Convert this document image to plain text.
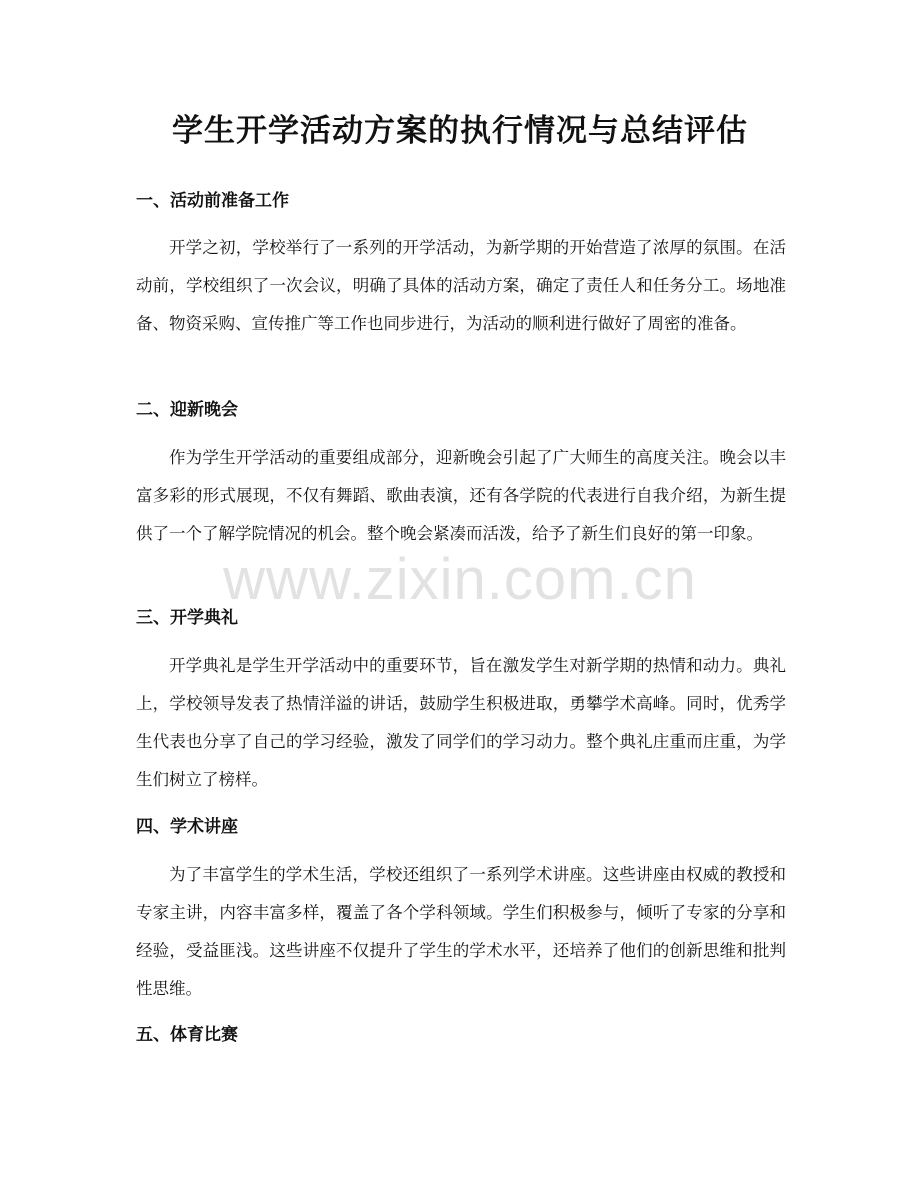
学生开学活动方案的执行情况与总结评估
一、活动前准备工作

开学之初，学校举行了一系列的开学活动，为新学期的开始营造了浓厚的氛围。在活动前，学校组织了一次会议，明确了具体的活动方案，确定了责任人和任务分工。场地准备、物资采购、宣传推广等工作也同步进行，为活动的顺利进行做好了周密的准备。

二、迎新晚会

作为学生开学活动的重要组成部分，迎新晚会引起了广大师生的高度关注。晚会以丰富多彩的形式展现，不仅有舞蹈、歌曲表演，还有各学院的代表进行自我介绍，为新生提供了一个了解学院情况的机会。整个晚会紧凑而活泼，给予了新生们良好的第一印象。

三、开学典礼

开学典礼是学生开学活动中的重要环节，旨在激发学生对新学期的热情和动力。典礼上，学校领导发表了热情洋溢的讲话，鼓励学生积极进取，勇攀学术高峰。同时，优秀学生代表也分享了自己的学习经验，激发了同学们的学习动力。整个典礼庄重而庄重，为学生们树立了榜样。

四、学术讲座

为了丰富学生的学术生活，学校还组织了一系列学术讲座。这些讲座由权威的教授和专家主讲，内容丰富多样，覆盖了各个学科领域。学生们积极参与，倾听了专家的分享和经验，受益匪浅。这些讲座不仅提升了学生的学术水平，还培养了他们的创新思维和批判性思维。

五、体育比赛
www.zixin.com.cn
